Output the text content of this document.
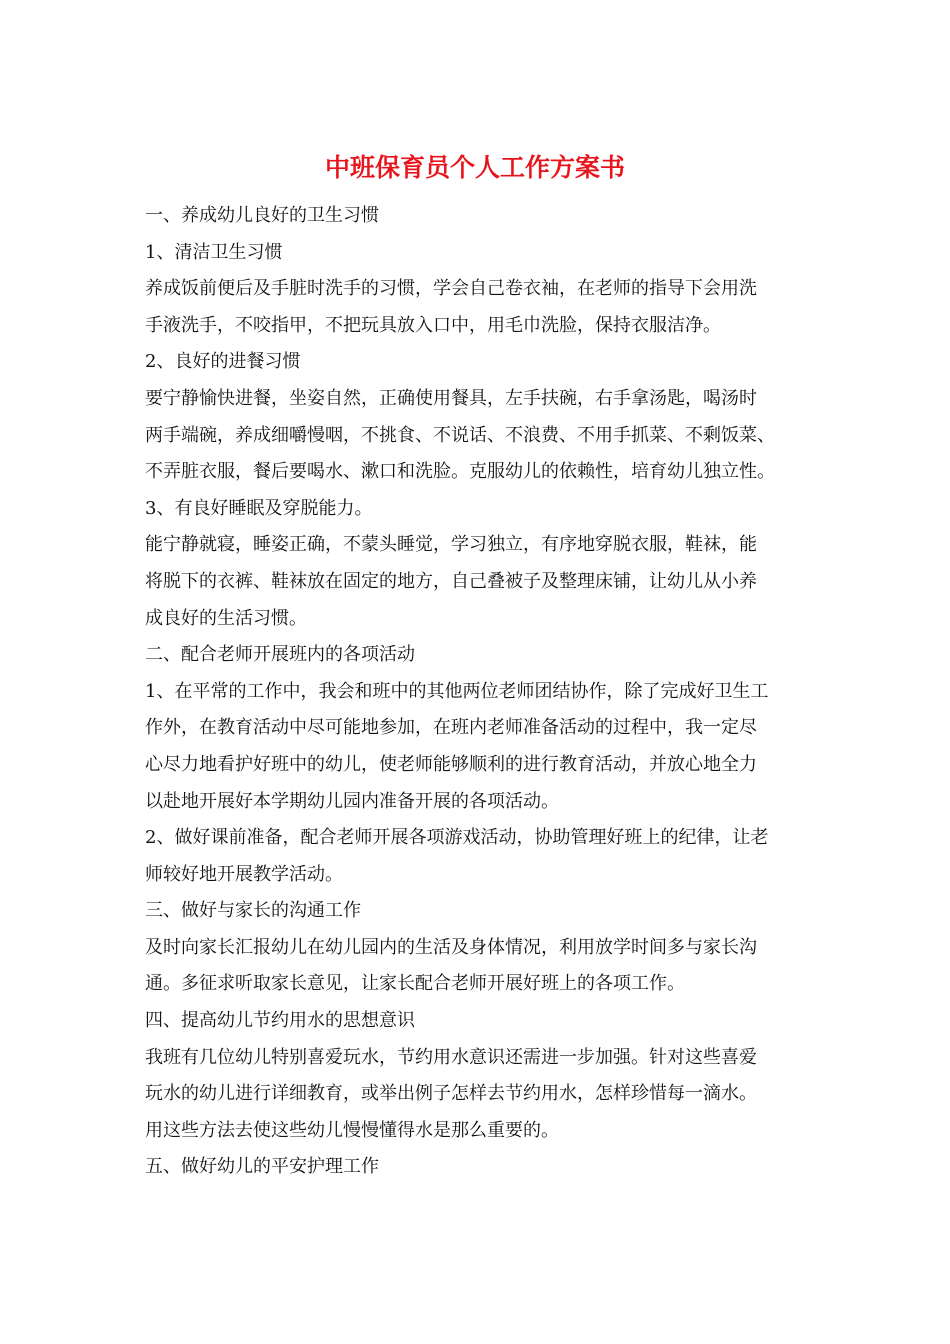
中班保育员个人工作方案书
一、养成幼儿良好的卫生习惯
1、清洁卫生习惯
养成饭前便后及手脏时洗手的习惯，学会自己卷衣袖，在老师的指导下会用洗
手液洗手，不咬指甲，不把玩具放入口中，用毛巾洗脸，保持衣服洁净。
2、良好的进餐习惯
要宁静愉快进餐，坐姿自然，正确使用餐具，左手扶碗，右手拿汤匙，喝汤时
两手端碗，养成细嚼慢咽，不挑食、不说话、不浪费、不用手抓菜、不剩饭菜、
不弄脏衣服，餐后要喝水、漱口和洗脸。克服幼儿的依赖性，培育幼儿独立性。
3、有良好睡眠及穿脱能力。
能宁静就寝，睡姿正确，不蒙头睡觉，学习独立，有序地穿脱衣服，鞋袜，能
将脱下的衣裤、鞋袜放在固定的地方，自己叠被子及整理床铺，让幼儿从小养
成良好的生活习惯。
二、配合老师开展班内的各项活动
1、在平常的工作中，我会和班中的其他两位老师团结协作，除了完成好卫生工
作外，在教育活动中尽可能地参加，在班内老师准备活动的过程中，我一定尽
心尽力地看护好班中的幼儿，使老师能够顺利的进行教育活动，并放心地全力
以赴地开展好本学期幼儿园内准备开展的各项活动。
2、做好课前准备，配合老师开展各项游戏活动，协助管理好班上的纪律，让老
师较好地开展教学活动。
三、做好与家长的沟通工作
及时向家长汇报幼儿在幼儿园内的生活及身体情况，利用放学时间多与家长沟
通。多征求听取家长意见，让家长配合老师开展好班上的各项工作。
四、提高幼儿节约用水的思想意识
我班有几位幼儿特别喜爱玩水，节约用水意识还需进一步加强。针对这些喜爱
玩水的幼儿进行详细教育，或举出例子怎样去节约用水，怎样珍惜每一滴水。
用这些方法去使这些幼儿慢慢懂得水是那么重要的。
五、做好幼儿的平安护理工作
